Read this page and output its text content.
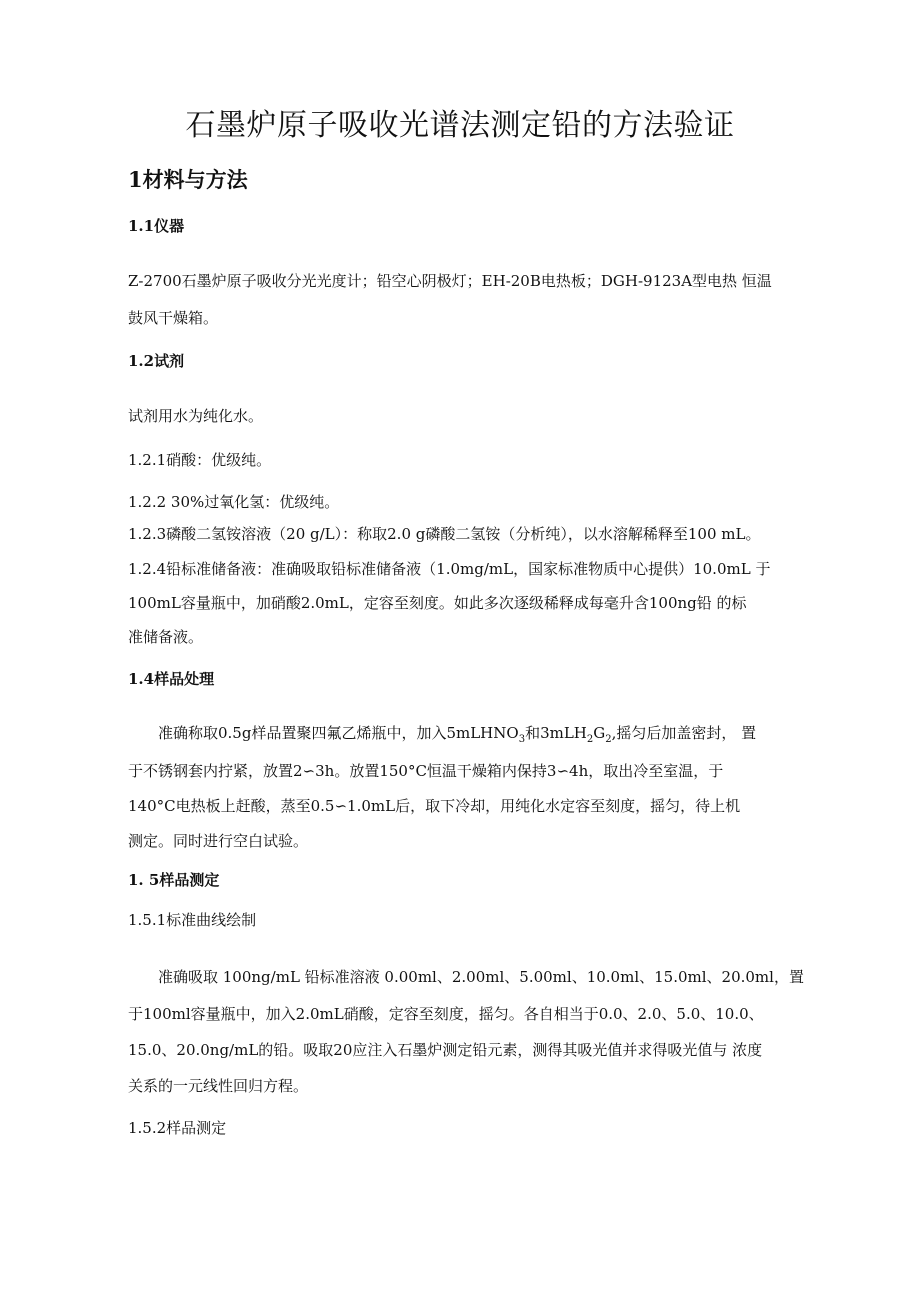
石墨炉原子吸收光谱法测定铅的方法验证
1材料与方法
1.1仪器
Z-2700石墨炉原子吸收分光光度计；铅空心阴极灯；EH-20B电热板；DGH-9123A型电热 恒温
鼓风干燥箱。
1.2试剂
试剂用水为纯化水。
1.2.1硝酸：优级纯。
1.2.2 30%过氧化氢：优级纯。
1.2.3磷酸二氢铵溶液（20 g/L）：称取2.0 g磷酸二氢铵（分析纯），以水溶解稀释至100 mL。
1.2.4铅标准储备液：准确吸取铅标准储备液（1.0mg/mL，国家标准物质中心提供）10.0mL 于
100mL容量瓶中，加硝酸2.0mL，定容至刻度。如此多次逐级稀释成每毫升含100ng铅 的标
准储备液。
1.4样品处理
准确称取0.5g样品置聚四氟乙烯瓶中，加入5mLHNO$_3$和$3mLH_2G_2$,摇匀后加盖密封， 置
于不锈钢套内拧紧，放置2∽3h。放置150°C恒温干燥箱内保持3∽4h，取出冷至室温，于
140°C电热板上赶酸，蒸至0.5∽1.0mL后，取下冷却，用纯化水定容至刻度，摇匀，待上机
测定。同时进行空白试验。
1. 5样品测定
1.5.1标准曲线绘制
准确吸取 100ng/mL 铅标准溶液 0.00ml、2.00ml、5.00ml、10.0ml、15.0ml、20.0ml，置
于100ml容量瓶中，加入2.0mL硝酸，定容至刻度，摇匀。各自相当于0.0、2.0、5.0、10.0、
15.0、20.0ng/mL的铅。吸取20应注入石墨炉测定铅元素，测得其吸光值并求得吸光值与 浓度
关系的一元线性回归方程。
1.5.2样品测定
